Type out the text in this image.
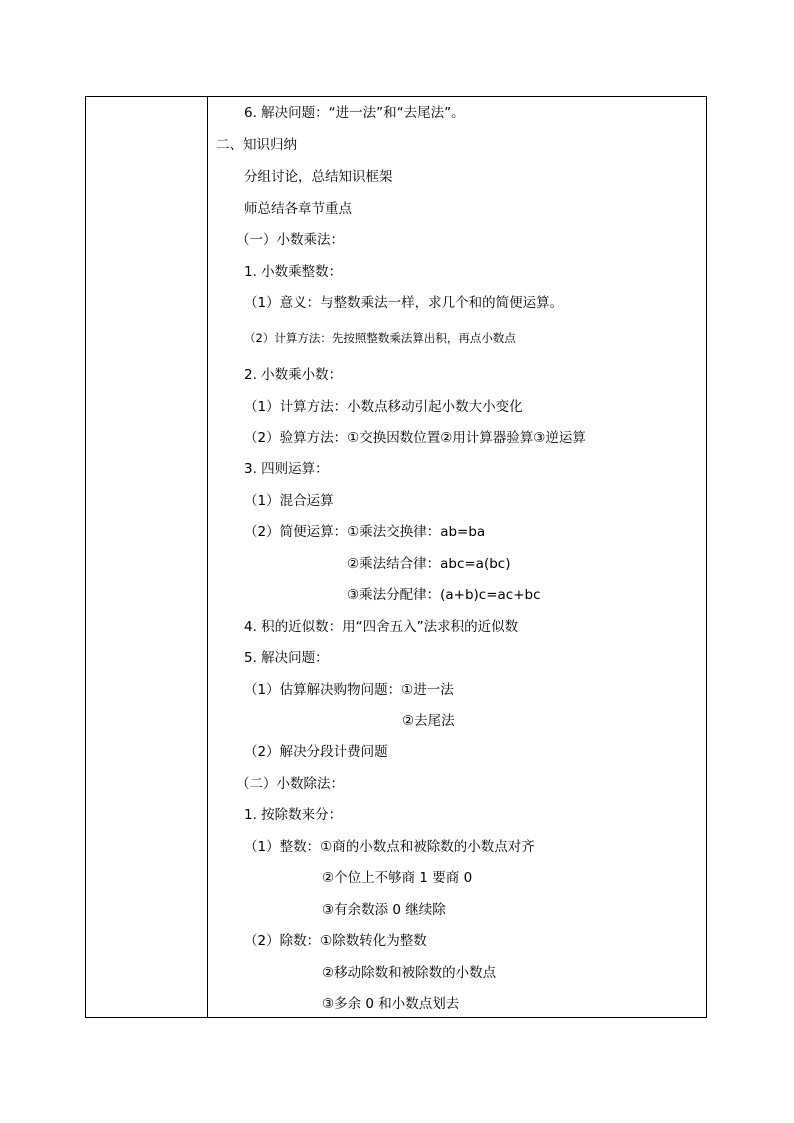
6. 解决问题：“进一法”和“去尾法”。
二、知识归纳
分组讨论，总结知识框架
师总结各章节重点
（一）小数乘法：
1. 小数乘整数：
（1）意义：与整数乘法一样，求几个和的简便运算。
（2）计算方法：先按照整数乘法算出积，再点小数点
2. 小数乘小数：
（1）计算方法：小数点移动引起小数大小变化
（2）验算方法：①交换因数位置②用计算器验算③逆运算
3. 四则运算：
（1）混合运算
（2）简便运算：①乘法交换律：ab=ba
②乘法结合律：abc=a(bc)
③乘法分配律：(a+b)c=ac+bc
4. 积的近似数：用“四舍五入”法求积的近似数
5. 解决问题：
（1）估算解决购物问题：①进一法
②去尾法
（2）解决分段计费问题
（二）小数除法：
1. 按除数来分：
（1）整数：①商的小数点和被除数的小数点对齐
②个位上不够商 1 要商 0
③有余数添 0 继续除
（2）除数：①除数转化为整数
②移动除数和被除数的小数点
③多余 0 和小数点划去
